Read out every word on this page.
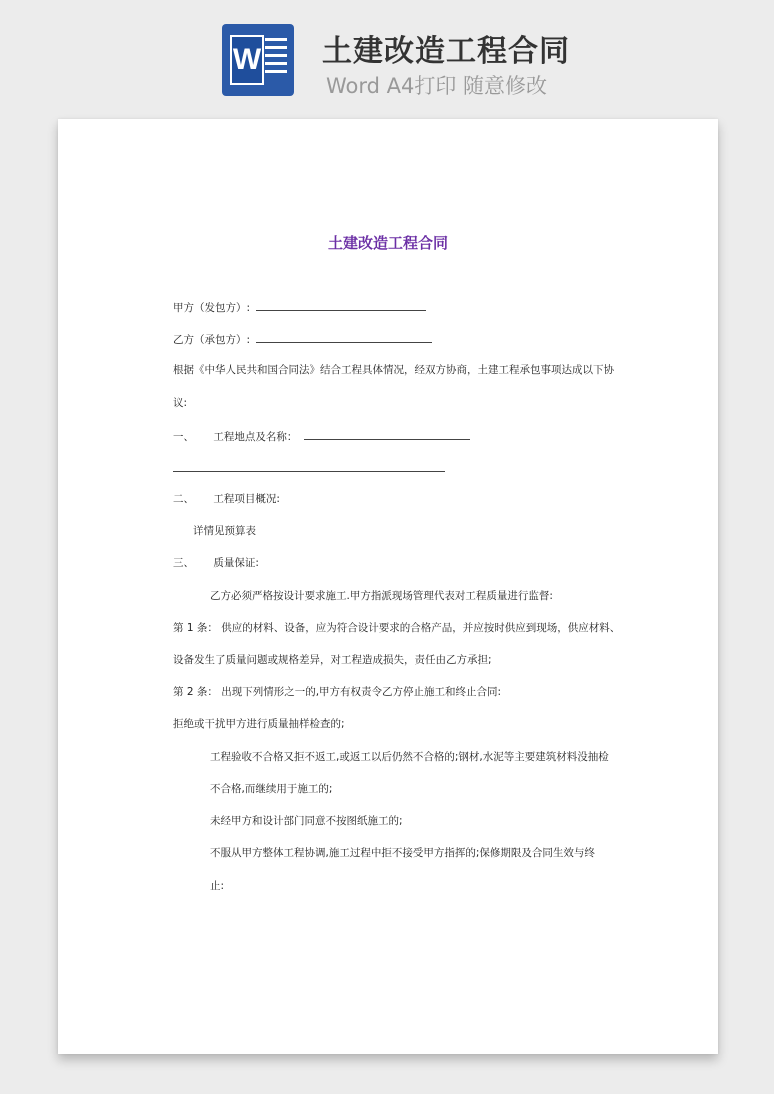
W 土建改造工程合同
Word A4打印 随意修改

土建改造工程合同
甲方（发包方）:
乙方（承包方）:
根据《中华人民共和国合同法》结合工程具体情况，经双方协商，土建工程承包事项达成以下协
议:
一、 工程地点及名称：
二、 工程项目概况:
详情见预算表
三、 质量保证:
乙方必须严格按设计要求施工.甲方指派现场管理代表对工程质量进行监督:
第 1 条： 供应的材料、设备，应为符合设计要求的合格产品，并应按时供应到现场，供应材料、
设备发生了质量问题或规格差异，对工程造成损失，责任由乙方承担;
第 2 条： 出现下列情形之一的,甲方有权责令乙方停止施工和终止合同:
拒绝或干扰甲方进行质量抽样检查的;
工程验收不合格又拒不返工,或返工以后仍然不合格的;钢材,水泥等主要建筑材料没抽检
不合格,而继续用于施工的;
未经甲方和设计部门同意不按图纸施工的;
不服从甲方整体工程协调,施工过程中拒不接受甲方指挥的;保修期限及合同生效与终
止:
